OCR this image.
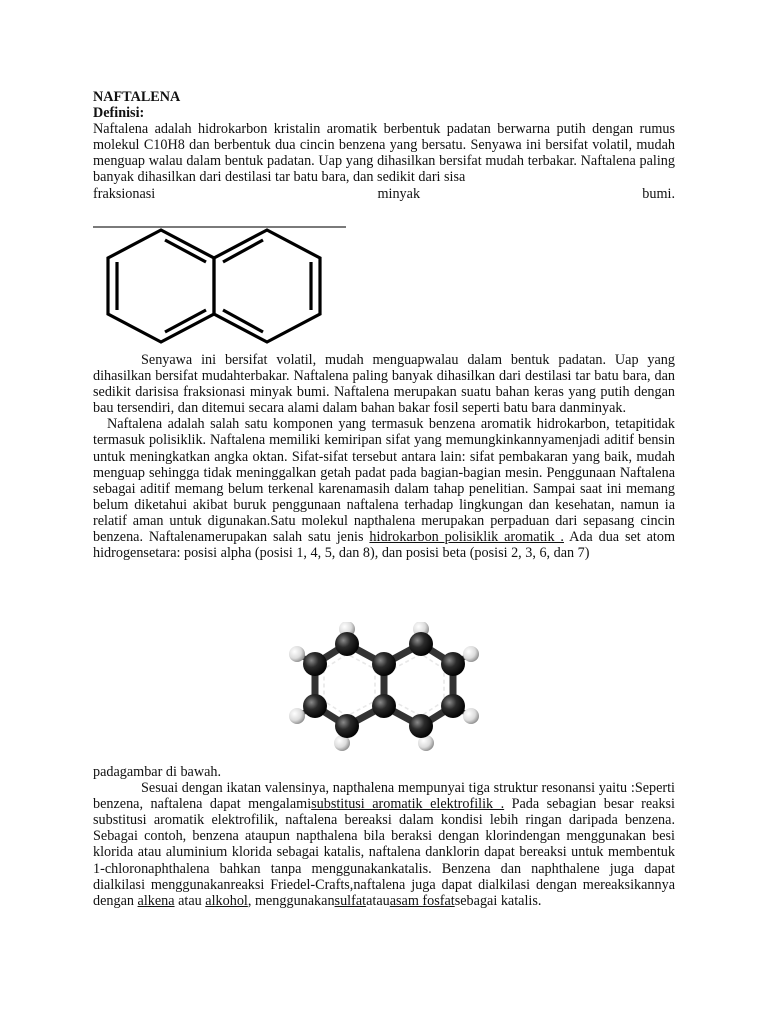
NAFTALENA
Definisi:

Naftalena adalah hidrokarbon kristalin aromatik berbentuk padatan berwarna putih dengan rumus molekul C10H8 dan berbentuk dua cincin benzena yang bersatu. Senyawa ini bersifat volatil, mudah menguap walau dalam bentuk padatan. Uap yang dihasilkan bersifat mudah terbakar. Naftalena paling banyak dihasilkan dari destilasi tar batu bara, dan sedikit dari sisa

fraksionasi minyak bumi.

Senyawa ini bersifat volatil, mudah menguapwalau dalam bentuk padatan. Uap yang dihasilkan bersifat mudahterbakar. Naftalena paling banyak dihasilkan dari destilasi tar batu bara, dan sedikit darisisa fraksionasi minyak bumi. Naftalena merupakan suatu bahan keras yang putih dengan bau tersendiri, dan ditemui secara alami dalam bahan bakar fosil seperti batu bara danminyak.

Naftalena adalah salah satu komponen yang termasuk benzena aromatik hidrokarbon, tetapitidak termasuk polisiklik. Naftalena memiliki kemiripan sifat yang memungkinkannyamenjadi aditif bensin untuk meningkatkan angka oktan. Sifat-sifat tersebut antara lain: sifat pembakaran yang baik, mudah menguap sehingga tidak meninggalkan getah padat pada bagian-bagian mesin. Penggunaan Naftalena sebagai aditif memang belum terkenal karenamasih dalam tahap penelitian. Sampai saat ini memang belum diketahui akibat buruk penggunaan naftalena terhadap lingkungan dan kesehatan, namun ia relatif aman untuk digunakan.Satu molekul napthalena merupakan perpaduan dari sepasang cincin benzena. Naftalenamerupakan salah satu jenis hidrokarbon polisiklik aromatik . Ada dua set atom hidrogensetara: posisi alpha (posisi 1, 4, 5, dan 8), dan posisi beta (posisi 2, 3, 6, dan 7)

padagambar di bawah.

Sesuai dengan ikatan valensinya, napthalena mempunyai tiga struktur resonansi yaitu :Seperti benzena, naftalena dapat mengalamisubstitusi aromatik elektrofilik . Pada sebagian besar reaksi substitusi aromatik elektrofilik, naftalena bereaksi dalam kondisi lebih ringan daripada benzena. Sebagai contoh, benzena ataupun napthalena bila beraksi dengan klorindengan menggunakan besi klorida atau aluminium klorida sebagai katalis, naftalena danklorin dapat bereaksi untuk membentuk 1-chloronaphthalena bahkan tanpa menggunakankatalis. Benzena dan naphthalene juga dapat dialkilasi menggunakanreaksi Friedel-Crafts,naftalena juga dapat dialkilasi dengan mereaksikannya dengan alkena atau alkohol, menggunakansulfatatauasam fosfatsebagai katalis.
